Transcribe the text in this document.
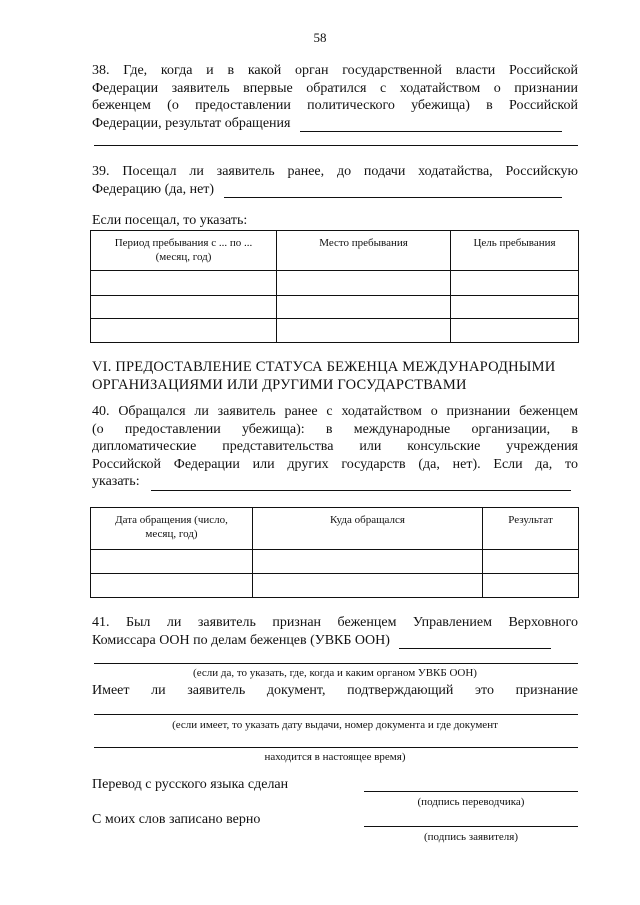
58
38. Где, когда и в какой орган государственной власти Российской
Федерации заявитель впервые обратился с ходатайством о признании
беженцем (о предоставлении политического убежища) в Российской
Федерации, результат обращения
39. Посещал ли заявитель ранее, до подачи ходатайства, Российскую
Федерацию (да, нет)
Если посещал, то указать:
Период пребывания с ... по ... (месяц, год)	Место пребывания	Цель пребывания

VI. ПРЕДОСТАВЛЕНИЕ СТАТУСА БЕЖЕНЦА МЕЖДУНАРОДНЫМИ
ОРГАНИЗАЦИЯМИ ИЛИ ДРУГИМИ ГОСУДАРСТВАМИ
40. Обращался ли заявитель ранее с ходатайством о признании беженцем
(о предоставлении убежища): в международные организации, в
дипломатические представительства или консульские учреждения
Российской Федерации или других государств (да, нет). Если да, то
указать:
Дата обращения (число, месяц, год)	Куда обращался	Результат

41. Был ли заявитель признан беженцем Управлением Верховного
Комиссара ООН по делам беженцев (УВКБ ООН)
(если да, то указать, где, когда и каким органом УВКБ ООН)
Имеет ли заявитель документ, подтверждающий это признание
(если имеет, то указать дату выдачи, номер документа и где документ
находится в настоящее время)
Перевод с русского языка сделан
(подпись переводчика)
С моих слов записано верно
(подпись заявителя)
